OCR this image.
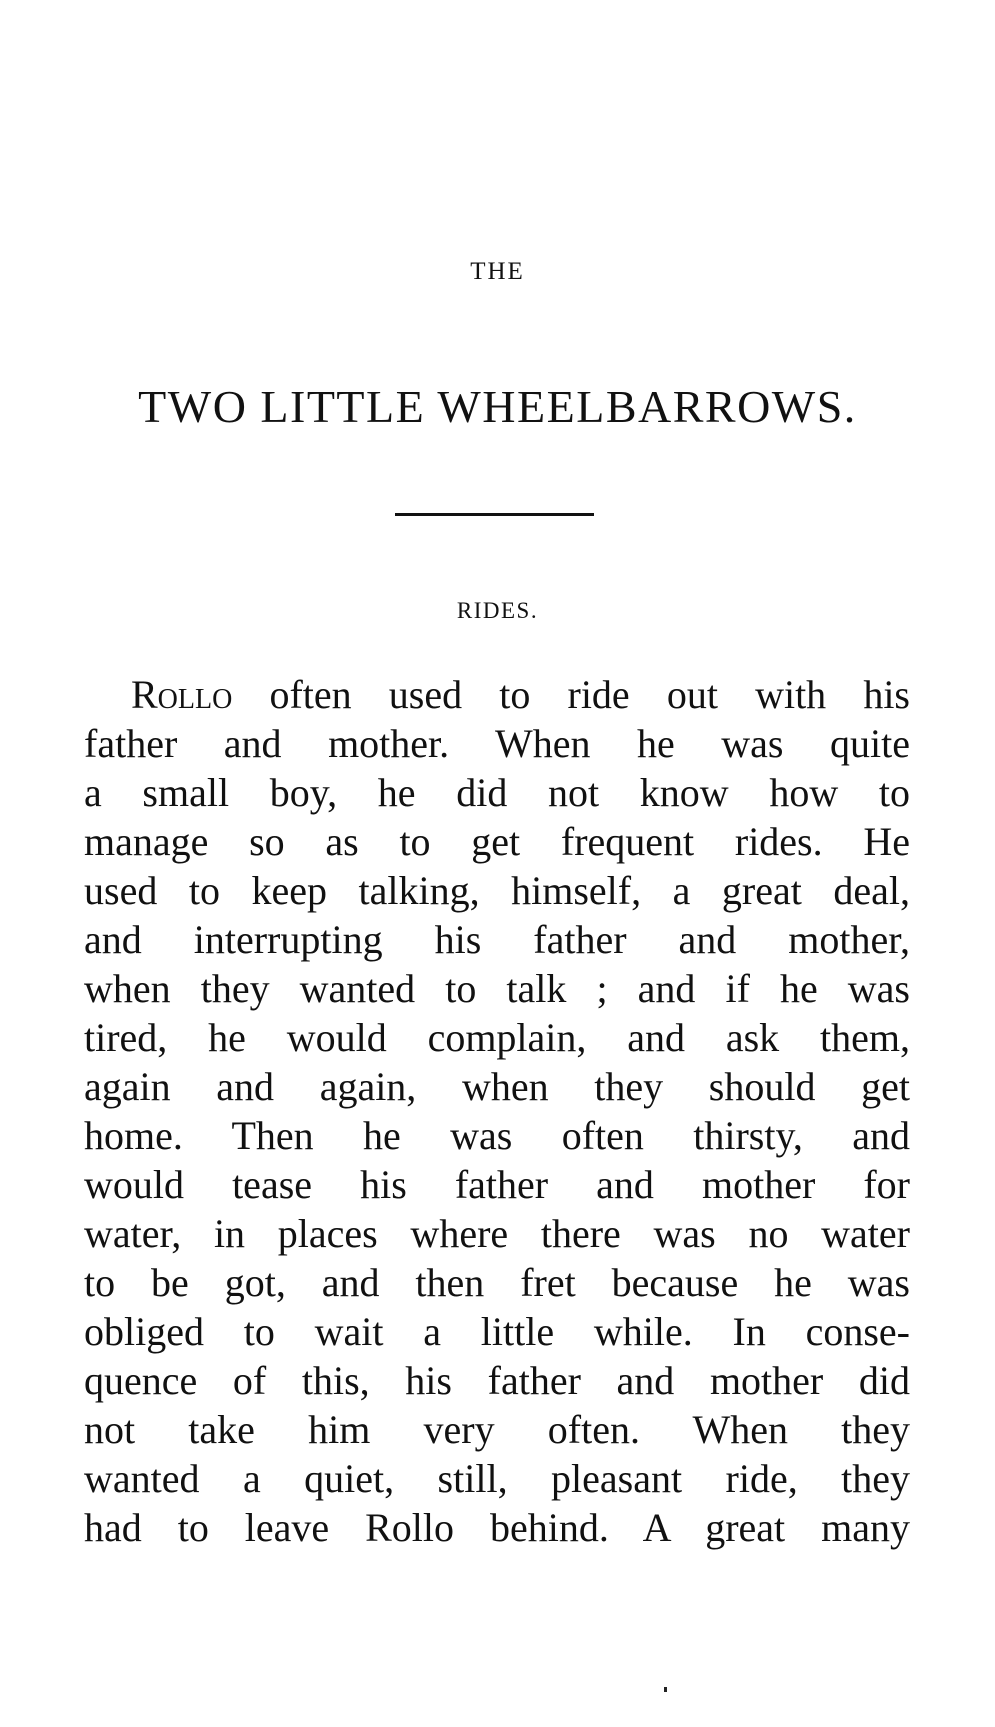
THE
TWO LITTLE WHEELBARROWS.
RIDES.
Rollo often used to ride out with his
father and mother. When he was quite
a small boy, he did not know how to
manage so as to get frequent rides. He
used to keep talking, himself, a great deal,
and interrupting his father and mother,
when they wanted to talk ; and if he was
tired, he would complain, and ask them,
again and again, when they should get
home. Then he was often thirsty, and
would tease his father and mother for
water, in places where there was no water
to be got, and then fret because he was
obliged to wait a little while. In conse-
quence of this, his father and mother did
not take him very often. When they
wanted a quiet, still, pleasant ride, they
had to leave Rollo behind. A great many
